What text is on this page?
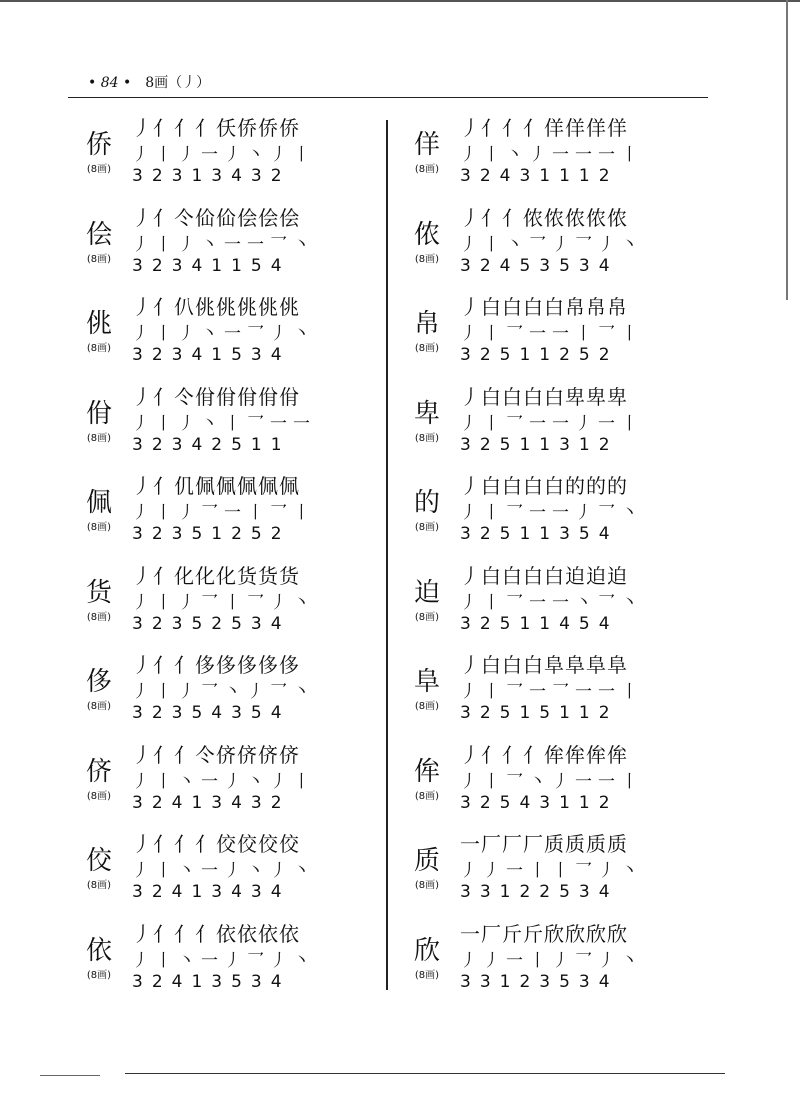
• 84 • 8画（丿）
丿亻亻亻仸侨侨侨
侨	丿丨丿一丿丶丿丨
(8画)	32313432
丿亻仒佡佡侩侩侩
侩	丿丨丿丶一一乛丶
(8画)	32341154
丿亻仈佻佻佻佻佻
佻	丿丨丿丶一乛丿丶
(8画)	32341534
丿亻仒佾佾佾佾佾
佾	丿丨丿丶丨乛一一
(8画)	32342511
丿亻仉佩佩佩佩佩
佩	丿丨丿乛一丨乛丨
(8画)	32351252
丿亻化化化货货货
货	丿丨丿乛丨乛丿丶
(8画)	32352534
丿亻亻侈侈侈侈侈
侈	丿丨丿乛丶丿乛丶
(8画)	32354354
丿亻亻仒侪侪侪侪
侪	丿丨丶一丿丶丿丨
(8画)	32413432
丿亻亻亻佼佼佼佼
佼	丿丨丶一丿丶丿丶
(8画)	32413434
丿亻亻亻依依依依
依	丿丨丶一丿乛丿丶
(8画)	32413534
丿亻亻亻佯佯佯佯
佯	丿丨丶丿一一一丨
(8画)	32431112
丿亻亻侬侬侬侬侬
侬	丿丨丶乛丿乛丿丶
(8画)	32453534
丿白白白白帛帛帛
帛	丿丨乛一一丨乛丨
(8画)	32511252
丿白白白白卑卑卑
卑	丿丨乛一一丿一丨
(8画)	32511312
丿白白白白的的的
的	丿丨乛一一丿乛丶
(8画)	32511354
丿白白白白迫迫迫
迫	丿丨乛一一丶乛丶
(8画)	32511454
丿白白白阜阜阜阜
阜	丿丨乛一乛一一丨
(8画)	32515112
丿亻亻亻侔侔侔侔
侔	丿丨乛丶丿一一丨
(8画)	32543112
一厂厂厂质质质质
质	丿丿一丨丨乛丿丶
(8画)	33122534
一厂斤斤欣欣欣欣
欣	丿丿一丨丿乛丿丶
(8画)	33123534
